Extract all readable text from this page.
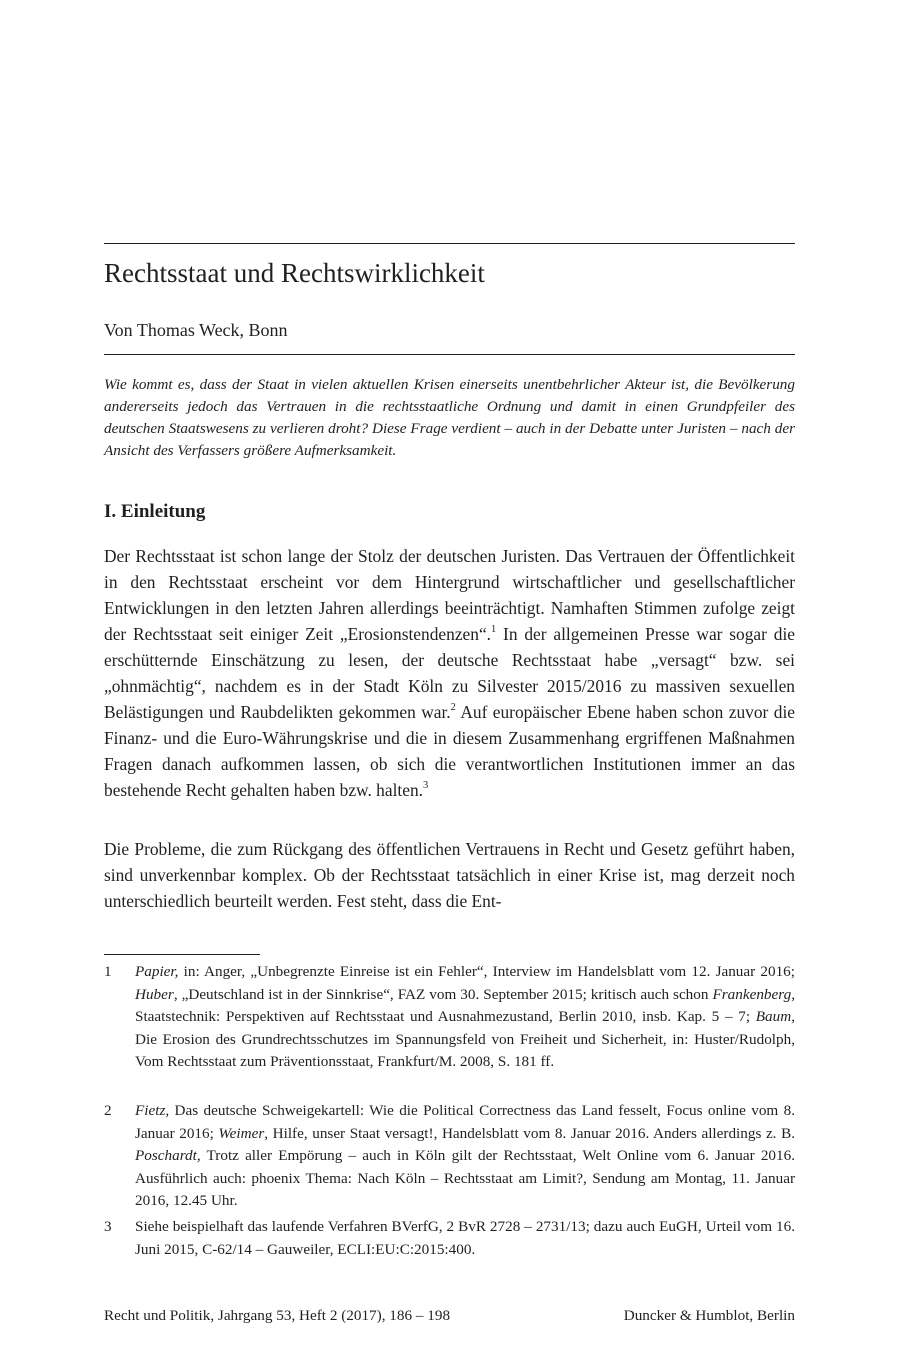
Rechtsstaat und Rechtswirklichkeit
Von Thomas Weck, Bonn

Wie kommt es, dass der Staat in vielen aktuellen Krisen einerseits unentbehrlicher Akteur ist, die Bevölkerung andererseits jedoch das Vertrauen in die rechtsstaatliche Ordnung und damit in einen Grundpfeiler des deutschen Staatswesens zu verlieren droht? Diese Frage verdient – auch in der Debatte unter Juristen – nach der Ansicht des Verfassers größere Aufmerksamkeit.

I. Einleitung

Der Rechtsstaat ist schon lange der Stolz der deutschen Juristen. Das Vertrauen der Öffentlichkeit in den Rechtsstaat erscheint vor dem Hintergrund wirtschaftlicher und gesellschaftlicher Entwicklungen in den letzten Jahren allerdings beeinträchtigt. Namhaften Stimmen zufolge zeigt der Rechtsstaat seit einiger Zeit „Erosionstendenzen“.$^1$ In der allgemeinen Presse war sogar die erschütternde Einschätzung zu lesen, der deutsche Rechtsstaat habe „versagt“ bzw. sei „ohnmächtig“, nachdem es in der Stadt Köln zu Silvester 2015/2016 zu massiven sexuellen Belästigungen und Raubdelikten gekommen war.$^2$ Auf europäischer Ebene haben schon zuvor die Finanz- und die Euro-Währungskrise und die in diesem Zusammenhang ergriffenen Maßnahmen Fragen danach aufkommen lassen, ob sich die verantwortlichen Institutionen immer an das bestehende Recht gehalten haben bzw. halten.$^3$

Die Probleme, die zum Rückgang des öffentlichen Vertrauens in Recht und Gesetz geführt haben, sind unverkennbar komplex. Ob der Rechtsstaat tatsächlich in einer Krise ist, mag derzeit noch unterschiedlich beurteilt werden. Fest steht, dass die Ent-

1	Papier, in: Anger, „Unbegrenzte Einreise ist ein Fehler“, Interview im Handelsblatt vom 12. Januar 2016; Huber, „Deutschland ist in der Sinnkrise“, FAZ vom 30. September 2015; kritisch auch schon Frankenberg, Staatstechnik: Perspektiven auf Rechtsstaat und Ausnahmezustand, Berlin 2010, insb. Kap. 5 – 7; Baum, Die Erosion des Grundrechtsschutzes im Spannungsfeld von Freiheit und Sicherheit, in: Huster/Rudolph, Vom Rechtsstaat zum Präventionsstaat, Frankfurt/M. 2008, S. 181 ff.
2	Fietz, Das deutsche Schweigekartell: Wie die Political Correctness das Land fesselt, Focus online vom 8. Januar 2016; Weimer, Hilfe, unser Staat versagt!, Handelsblatt vom 8. Januar 2016. Anders allerdings z. B. Poschardt, Trotz aller Empörung – auch in Köln gilt der Rechtsstaat, Welt Online vom 6. Januar 2016. Ausführlich auch: phoenix Thema: Nach Köln – Rechtsstaat am Limit?, Sendung am Montag, 11. Januar 2016, 12.45 Uhr.
3	Siehe beispielhaft das laufende Verfahren BVerfG, 2 BvR 2728 – 2731/13; dazu auch EuGH, Urteil vom 16. Juni 2015, C-62/14 – Gauweiler, ECLI:EU:C:2015:400.
Recht und Politik, Jahrgang 53, Heft 2 (2017), 186 – 198	Duncker & Humblot, Berlin
